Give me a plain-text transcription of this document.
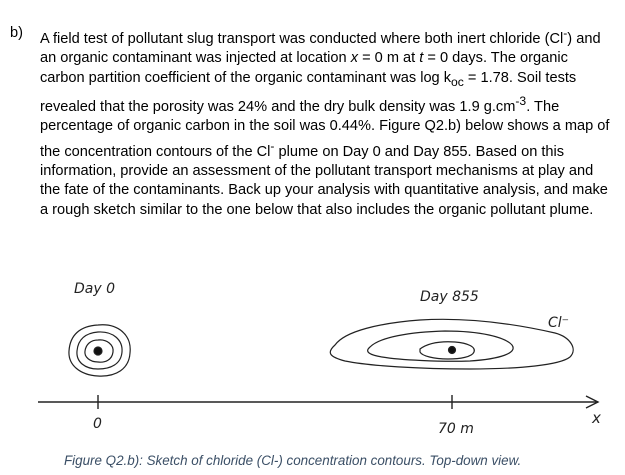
b) A field test of pollutant slug transport was conducted where both inert chloride (Cl-) and an organic contaminant was injected at location x = 0 m at t = 0 days. The organic carbon partition coefficient of the organic contaminant was $\log k_{oc} = 1.78$. Soil tests revealed that the porosity was 24% and the dry bulk density was 1.9 $g.cm^{-3}$. The percentage of organic carbon in the soil was 0.44%. Figure Q2.b) below shows a map of the concentration contours of the Cl- plume on Day 0 and Day 855. Based on this information, provide an assessment of the pollutant transport mechanisms at play and the fate of the contaminants. Back up your analysis with quantitative analysis, and make a rough sketch similar to the one below that also includes the organic pollutant plume.
Day 0	Day 855
Cl⁻
0	70 m
x
Figure Q2.b): Sketch of chloride (Cl-) concentration contours. Top-down view.
